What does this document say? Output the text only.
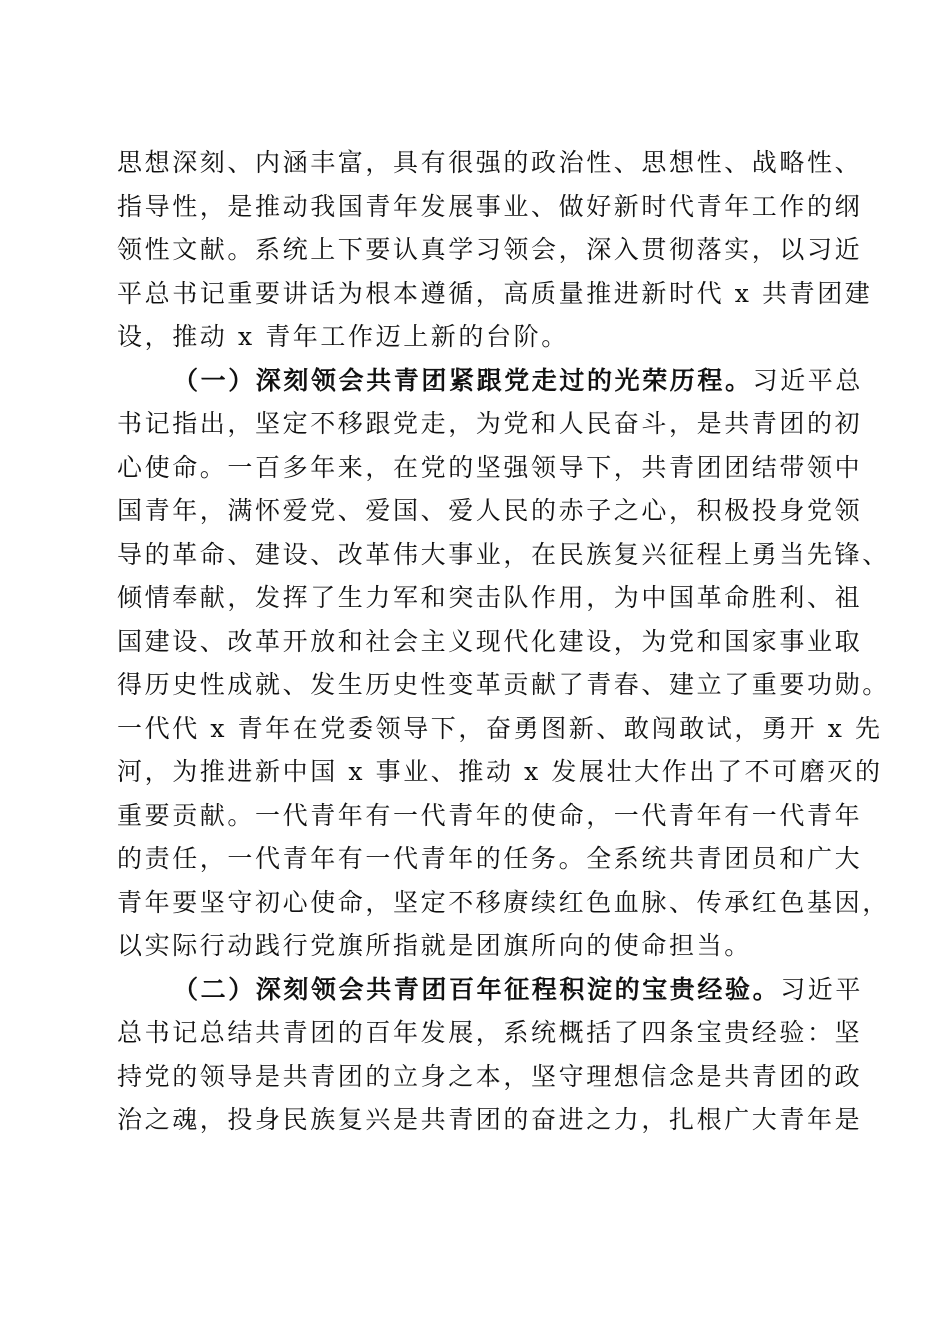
思想深刻、内涵丰富，具有很强的政治性、思想性、战略性、
指导性，是推动我国青年发展事业、做好新时代青年工作的纲
领性文献。系统上下要认真学习领会，深入贯彻落实，以习近
平总书记重要讲话为根本遵循，高质量推进新时代 x 共青团建
设，推动 x 青年工作迈上新的台阶。
（一）深刻领会共青团紧跟党走过的光荣历程。习近平总
书记指出，坚定不移跟党走，为党和人民奋斗，是共青团的初
心使命。一百多年来，在党的坚强领导下，共青团团结带领中
国青年，满怀爱党、爱国、爱人民的赤子之心，积极投身党领
导的革命、建设、改革伟大事业，在民族复兴征程上勇当先锋、
倾情奉献，发挥了生力军和突击队作用，为中国革命胜利、祖
国建设、改革开放和社会主义现代化建设，为党和国家事业取
得历史性成就、发生历史性变革贡献了青春、建立了重要功勋。
一代代 x 青年在党委领导下，奋勇图新、敢闯敢试，勇开 x 先
河，为推进新中国 x 事业、推动 x 发展壮大作出了不可磨灭的
重要贡献。一代青年有一代青年的使命，一代青年有一代青年
的责任，一代青年有一代青年的任务。全系统共青团员和广大
青年要坚守初心使命，坚定不移赓续红色血脉、传承红色基因，
以实际行动践行党旗所指就是团旗所向的使命担当。
（二）深刻领会共青团百年征程积淀的宝贵经验。习近平
总书记总结共青团的百年发展，系统概括了四条宝贵经验：坚
持党的领导是共青团的立身之本，坚守理想信念是共青团的政
治之魂，投身民族复兴是共青团的奋进之力，扎根广大青年是
